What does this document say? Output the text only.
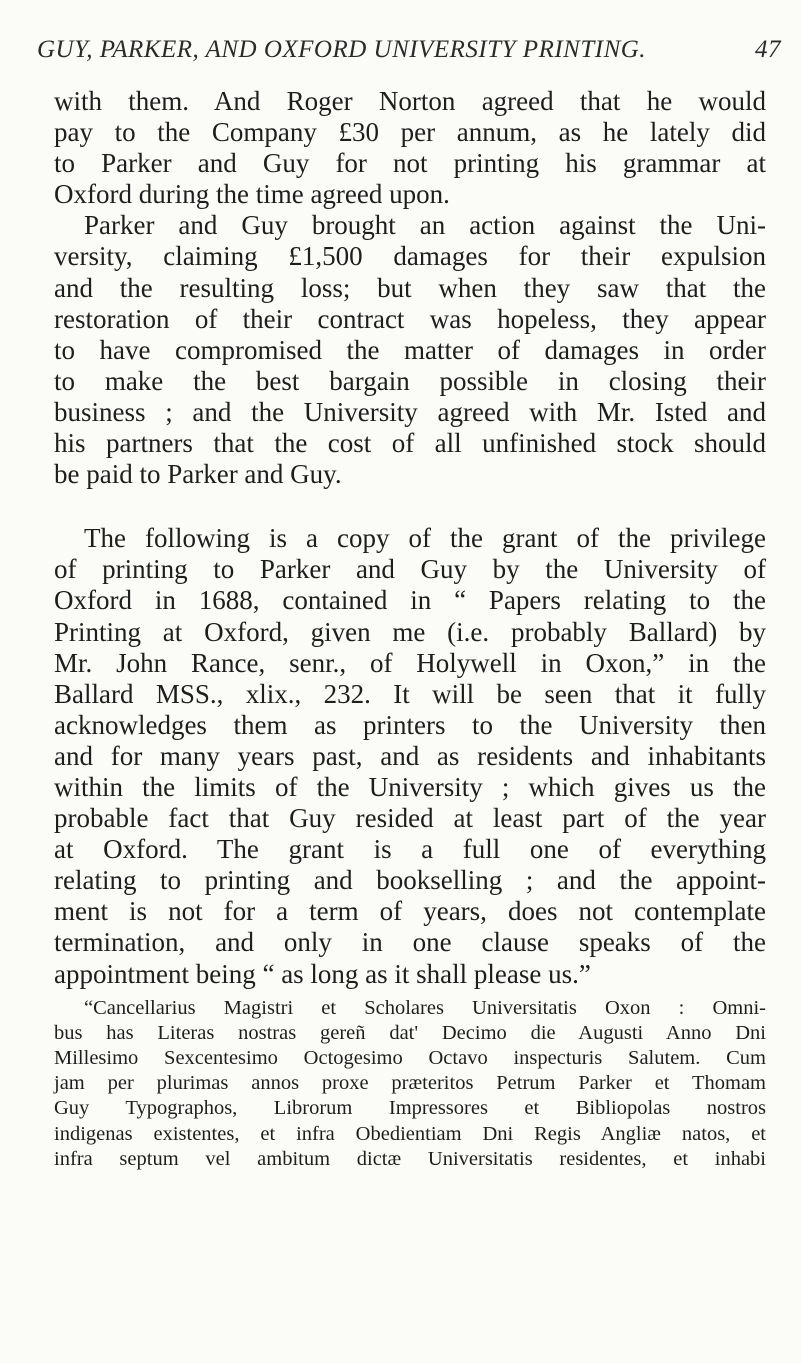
GUY, PARKER, AND OXFORD UNIVERSITY PRINTING.	47
with them. And Roger Norton agreed that he would
pay to the Company £30 per annum, as he lately did
to Parker and Guy for not printing his grammar at
Oxford during the time agreed upon.
Parker and Guy brought an action against the Uni-
versity, claiming £1,500 damages for their expulsion
and the resulting loss; but when they saw that the
restoration of their contract was hopeless, they appear
to have compromised the matter of damages in order
to make the best bargain possible in closing their
business ; and the University agreed with Mr. Isted and
his partners that the cost of all unfinished stock should
be paid to Parker and Guy.
The following is a copy of the grant of the privilege
of printing to Parker and Guy by the University of
Oxford in 1688, contained in “ Papers relating to the
Printing at Oxford, given me (i.e. probably Ballard) by
Mr. John Rance, senr., of Holywell in Oxon,” in the
Ballard MSS., xlix., 232. It will be seen that it fully
acknowledges them as printers to the University then
and for many years past, and as residents and inhabitants
within the limits of the University ; which gives us the
probable fact that Guy resided at least part of the year
at Oxford. The grant is a full one of everything
relating to printing and bookselling ; and the appoint-
ment is not for a term of years, does not contemplate
termination, and only in one clause speaks of the
appointment being “ as long as it shall please us.”
“Cancellarius Magistri et Scholares Universitatis Oxon : Omni-
bus has Literas nostras gereñ dat' Decimo die Augusti Anno Dni
Millesimo Sexcentesimo Octogesimo Octavo inspecturis Salutem. Cum
jam per plurimas annos proxe præteritos Petrum Parker et Thomam
Guy Typographos, Librorum Impressores et Bibliopolas nostros
indigenas existentes, et infra Obedientiam Dni Regis Angliæ natos, et
infra septum vel ambitum dictæ Universitatis residentes, et inhabi
